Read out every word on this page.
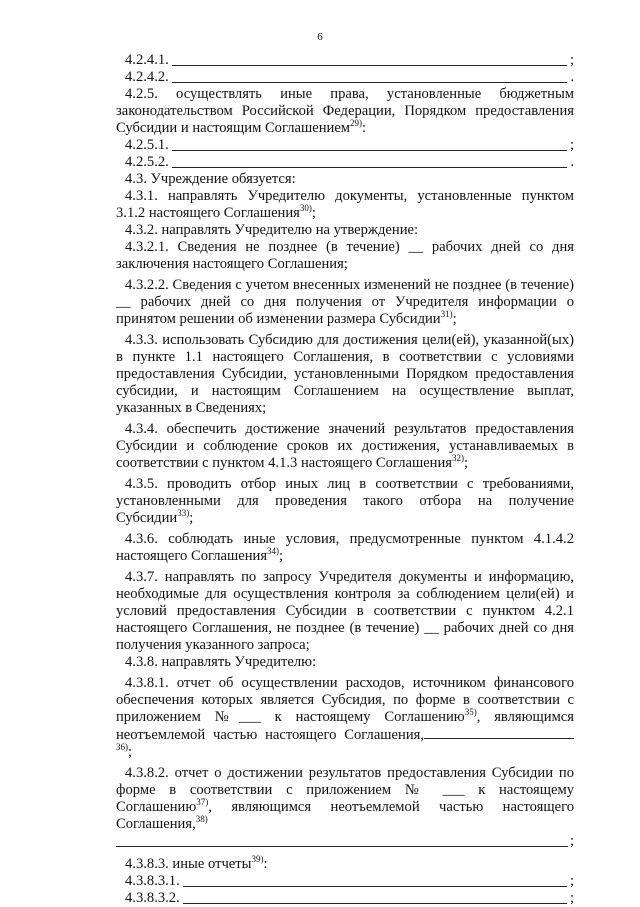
6
4.2.4.1.	;
4.2.4.2.	.

4.2.5. осуществлять иные права, установленные бюджетным законодательством Российской Федерации, Порядком предоставления Субсидии и настоящим Соглашением$^{29)}$:

4.2.5.1.	;
4.2.5.2.	.

4.3. Учреждение обязуется:

4.3.1. направлять Учредителю документы, установленные пунктом 3.1.2 настоящего Соглашения$^{30)}$;

4.3.2. направлять Учредителю на утверждение:

4.3.2.1. Сведения не позднее (в течение) __ рабочих дней со дня заключения настоящего Соглашения;

4.3.2.2. Сведения с учетом внесенных изменений не позднее (в течение) __ рабочих дней со дня получения от Учредителя информации о принятом решении об изменении размера Субсидии$^{31)}$;

4.3.3. использовать Субсидию для достижения цели(ей), указанной(ых) в пункте 1.1 настоящего Соглашения, в соответствии с условиями предоставления Субсидии, установленными Порядком предоставления субсидии, и настоящим Соглашением на осуществление выплат, указанных в Сведениях;

4.3.4. обеспечить достижение значений результатов предоставления Субсидии и соблюдение сроков их достижения, устанавливаемых в соответствии с пунктом 4.1.3 настоящего Соглашения$^{32)}$;

4.3.5. проводить отбор иных лиц в соответствии с требованиями, установленными для проведения такого отбора на получение Субсидии$^{33)}$;

4.3.6. соблюдать иные условия, предусмотренные пунктом 4.1.4.2 настоящего Соглашения$^{34)}$;

4.3.7. направлять по запросу Учредителя документы и информацию, необходимые для осуществления контроля за соблюдением цели(ей) и условий предоставления Субсидии в соответствии с пунктом 4.2.1 настоящего Соглашения, не позднее (в течение) __ рабочих дней со дня получения указанного запроса;

4.3.8. направлять Учредителю:

4.3.8.1. отчет об осуществлении расходов, источником финансового обеспечения которых является Субсидия, по форме в соответствии с приложением №___ к настоящему Соглашению$^{35)}$, являющимся неотъемлемой частью настоящего Соглашения,$^{36)}$;

4.3.8.2. отчет о достижении результатов предоставления Субсидии по форме в соответствии с приложением № ___ к настоящему Соглашению$^{37)}$, являющимся неотъемлемой частью настоящего Соглашения,$^{38)}$

;

4.3.8.3. иные отчеты$^{39)}$:

4.3.8.3.1.	;
4.3.8.3.2.	;
